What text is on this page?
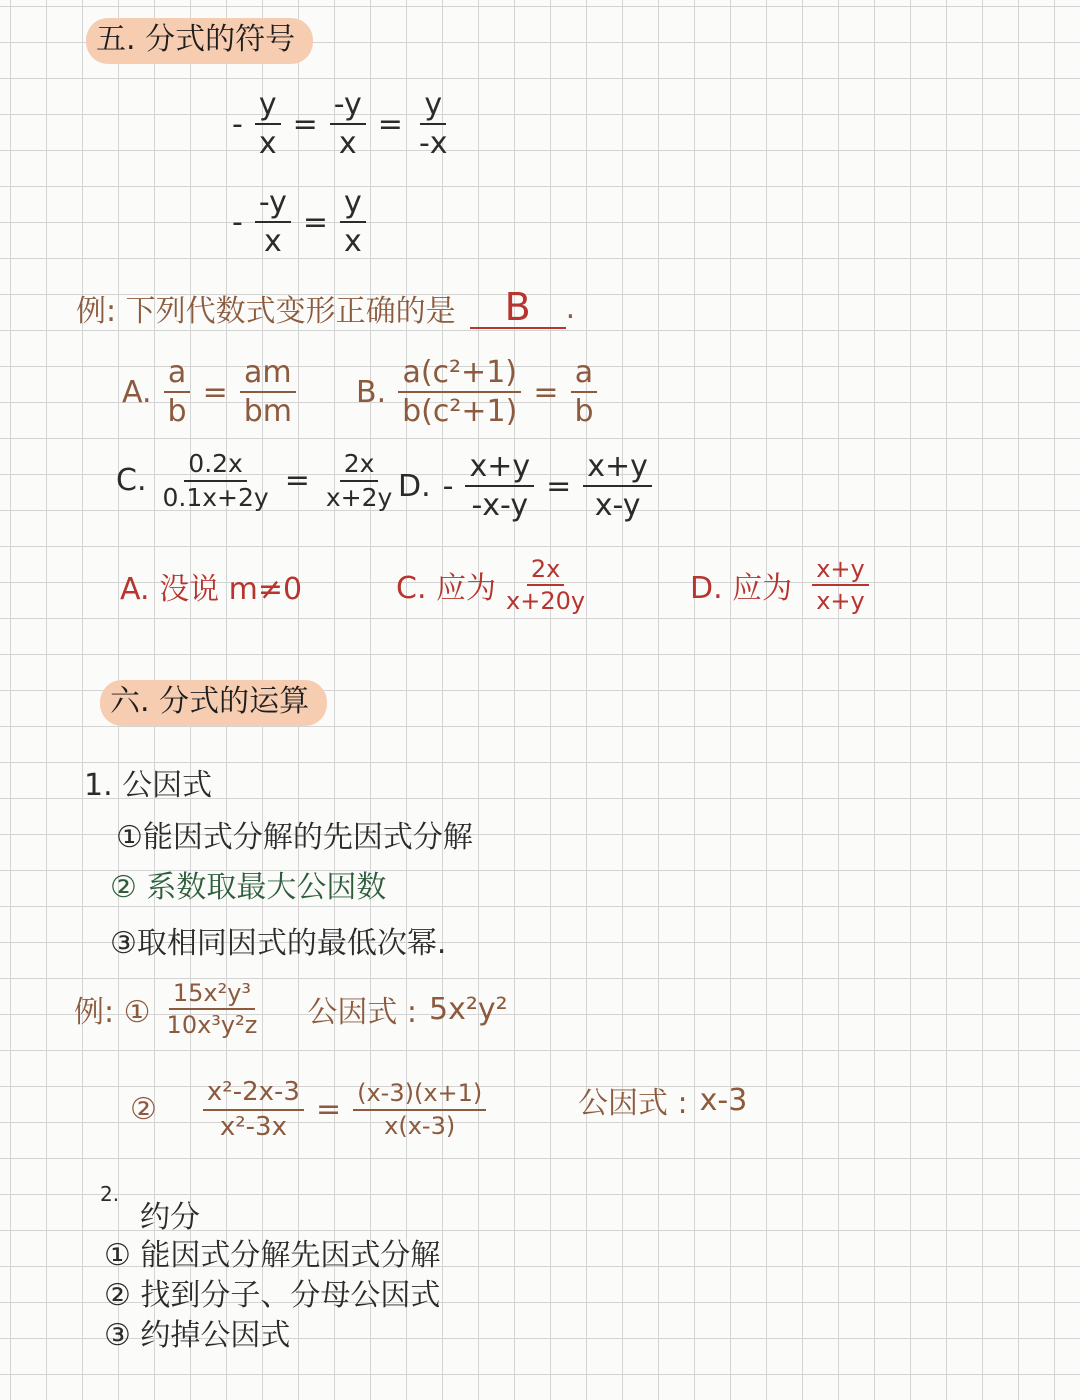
五. 分式的符号
- $\frac{y}{x} = \frac{-y}{x} = \frac{y}{-x}$
- $\frac{-y}{x} = \frac{y}{x}$
例: 下列代数式变形正确的是	B	.
A. $\frac{a}{b} = \frac{am}{bm} B$. $\frac{\text{a(c²+1)}}{\text{b(c²+1)}} = \frac{a}{b}$
C. $\frac{0.2x}{0.1x+2y} = \frac{2x}{x+2y} D$. - $\frac{x+y}{-x-y} = \frac{x+y}{x-y}$
A. 没说 m≠0	C. 应为 $\frac{2x}{x+20y}$	D. 应为 $\frac{x+y}{x+y}$
六. 分式的运算
1. 公因式
①能因式分解的先因式分解
② 系数取最大公因数
③取相同因式的最低次幂.
例: ① $\frac{\text{15x²y³}}{\text{10x³y²z}}$ 公因式 : 5x²y²
② $\frac{\text{x²-2x-3}}{\text{x²-3x}} = \frac{(x-3)(x+1)}{x(x-3)}$	公因式 : x-3
2.
约分
① 能因式分解先因式分解
② 找到分子、分母公因式
③ 约掉公因式
